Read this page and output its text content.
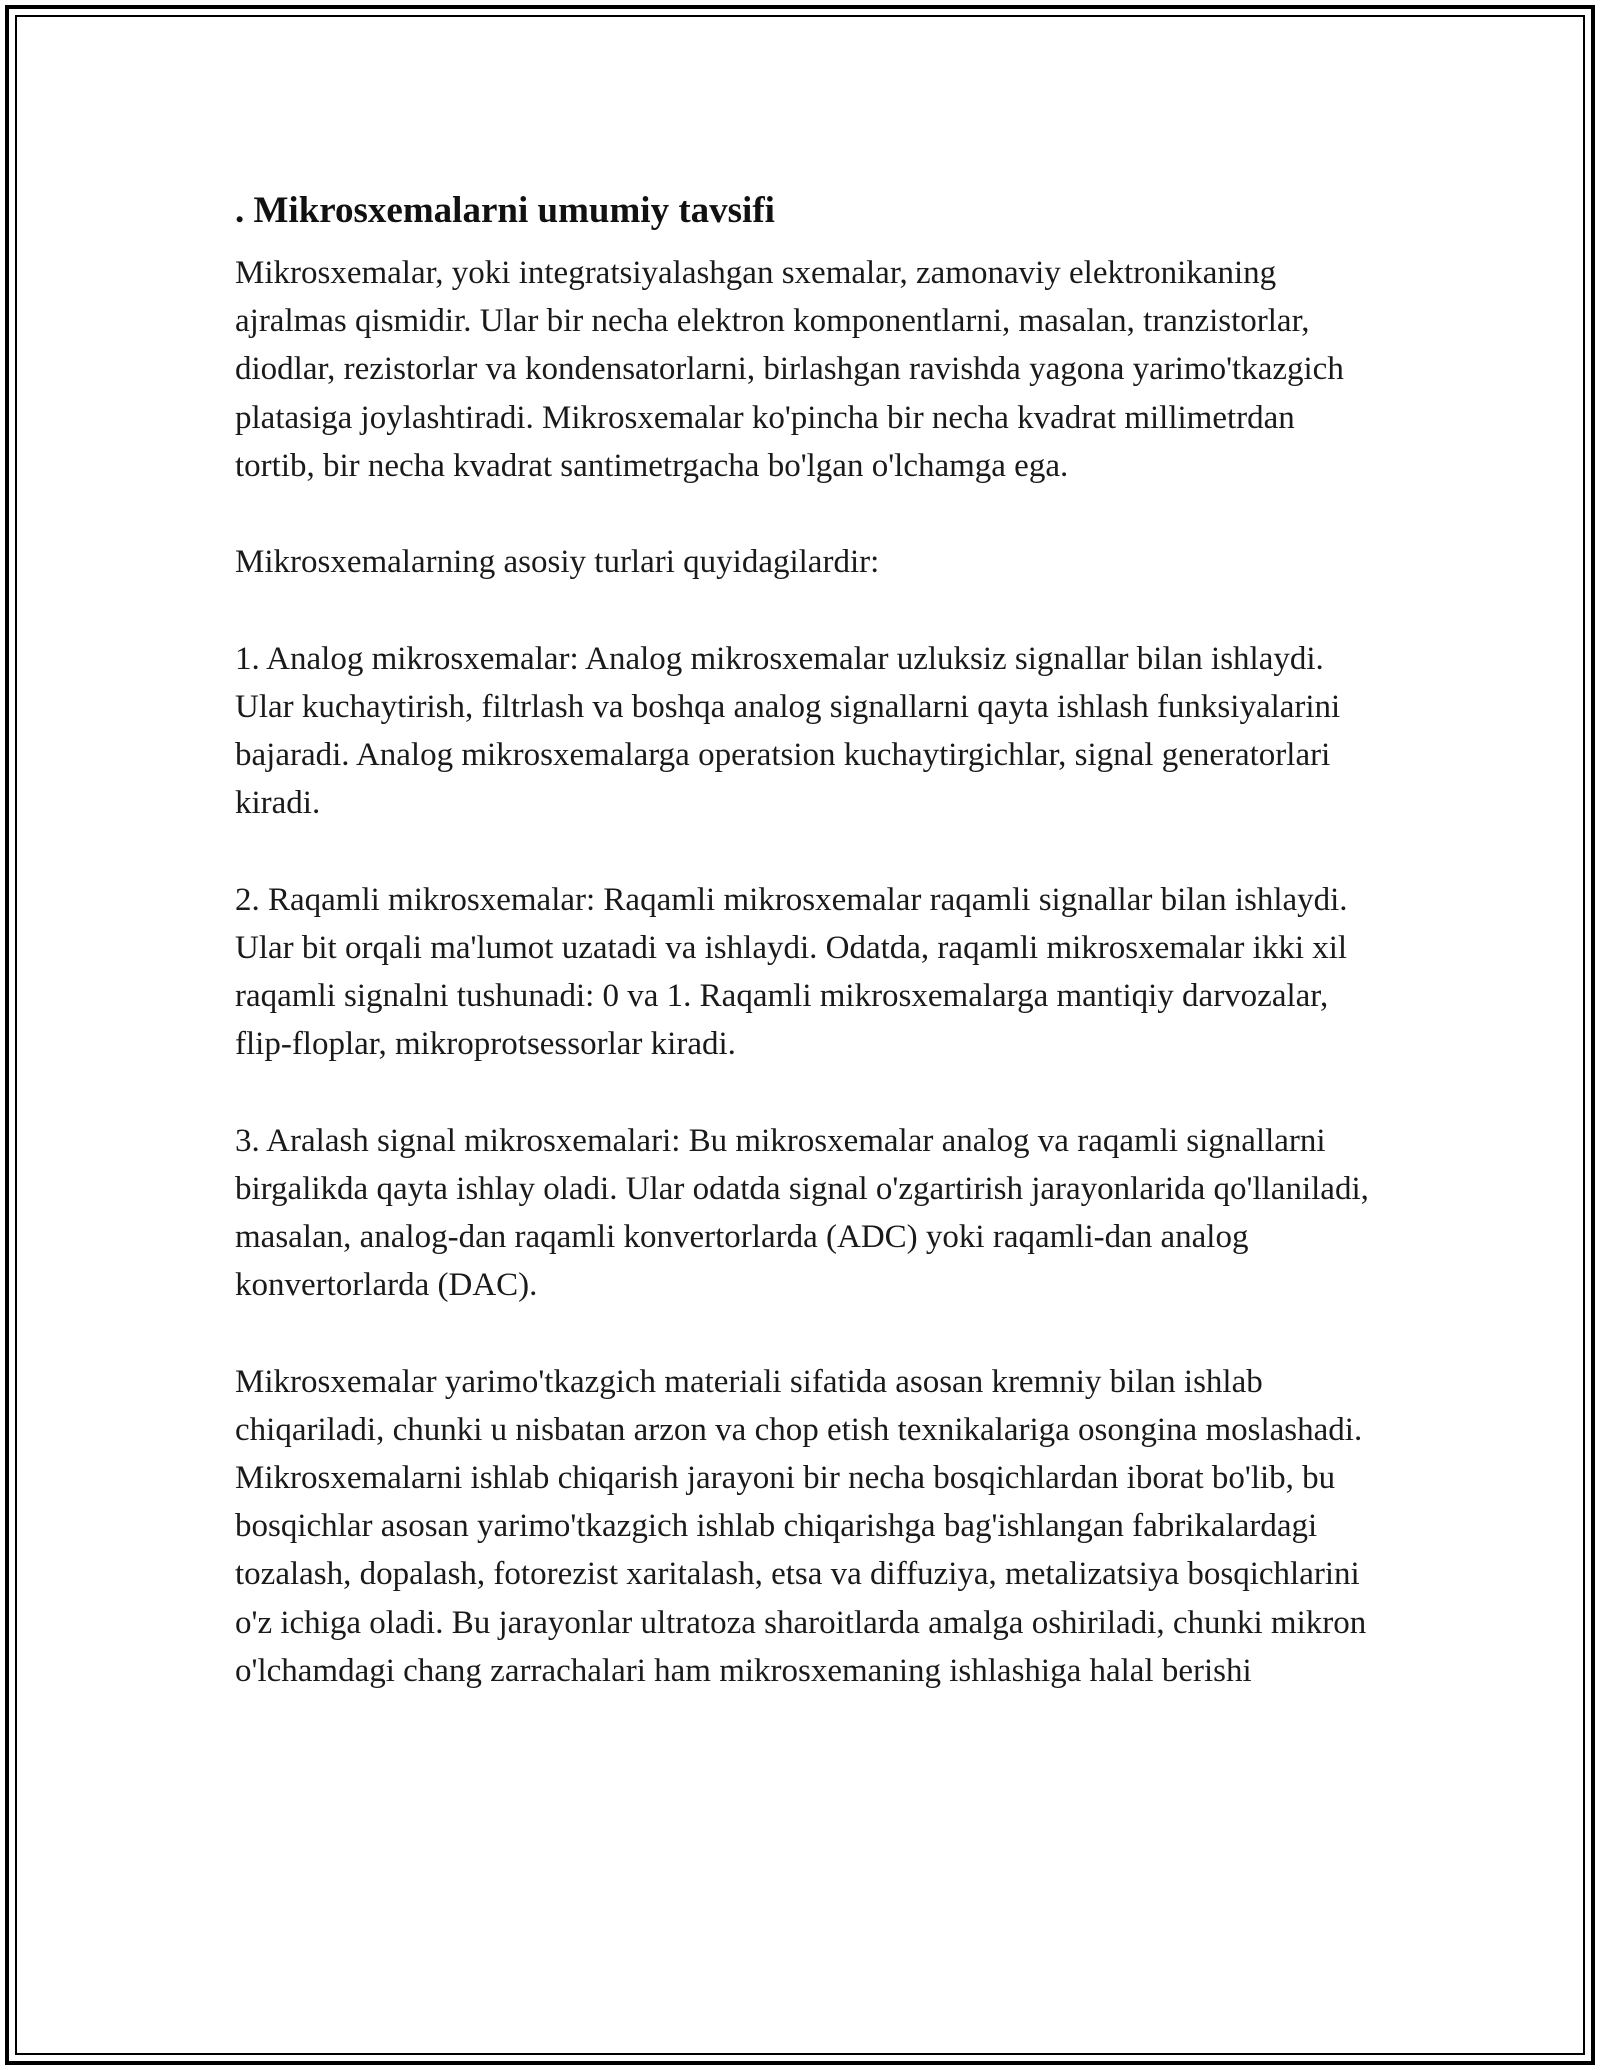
. Mikrosxemalarni umumiy tavsifi

Mikrosxemalar, yoki integratsiyalashgan sxemalar, zamonaviy elektronikaning ajralmas qismidir. Ular bir necha elektron komponentlarni, masalan, tranzistorlar, diodlar, rezistorlar va kondensatorlarni, birlashgan ravishda yagona yarimo'tkazgich platasiga joylashtiradi. Mikrosxemalar ko'pincha bir necha kvadrat millimetrdan tortib, bir necha kvadrat santimetrgacha bo'lgan o'lchamga ega.

Mikrosxemalarning asosiy turlari quyidagilardir:

1. Analog mikrosxemalar: Analog mikrosxemalar uzluksiz signallar bilan ishlaydi. Ular kuchaytirish, filtrlash va boshqa analog signallarni qayta ishlash funksiyalarini bajaradi. Analog mikrosxemalarga operatsion kuchaytirgichlar, signal generatorlari kiradi.

2. Raqamli mikrosxemalar: Raqamli mikrosxemalar raqamli signallar bilan ishlaydi. Ular bit orqali ma'lumot uzatadi va ishlaydi. Odatda, raqamli mikrosxemalar ikki xil raqamli signalni tushunadi: 0 va 1. Raqamli mikrosxemalarga mantiqiy darvozalar, flip-floplar, mikroprotsessorlar kiradi.

3. Aralash signal mikrosxemalari: Bu mikrosxemalar analog va raqamli signallarni birgalikda qayta ishlay oladi. Ular odatda signal o'zgartirish jarayonlarida qo'llaniladi, masalan, analog-dan raqamli konvertorlarda (ADC) yoki raqamli-dan analog konvertorlarda (DAC).

Mikrosxemalar yarimo'tkazgich materiali sifatida asosan kremniy bilan ishlab chiqariladi, chunki u nisbatan arzon va chop etish texnikalariga osongina moslashadi. Mikrosxemalarni ishlab chiqarish jarayoni bir necha bosqichlardan iborat bo'lib, bu bosqichlar asosan yarimo'tkazgich ishlab chiqarishga bag'ishlangan fabrikalardagi tozalash, dopalash, fotorezist xaritalash, etsa va diffuziya, metalizatsiya bosqichlarini o'z ichiga oladi. Bu jarayonlar ultratoza sharoitlarda amalga oshiriladi, chunki mikron o'lchamdagi chang zarrachalari ham mikrosxemaning ishlashiga halal berishi
